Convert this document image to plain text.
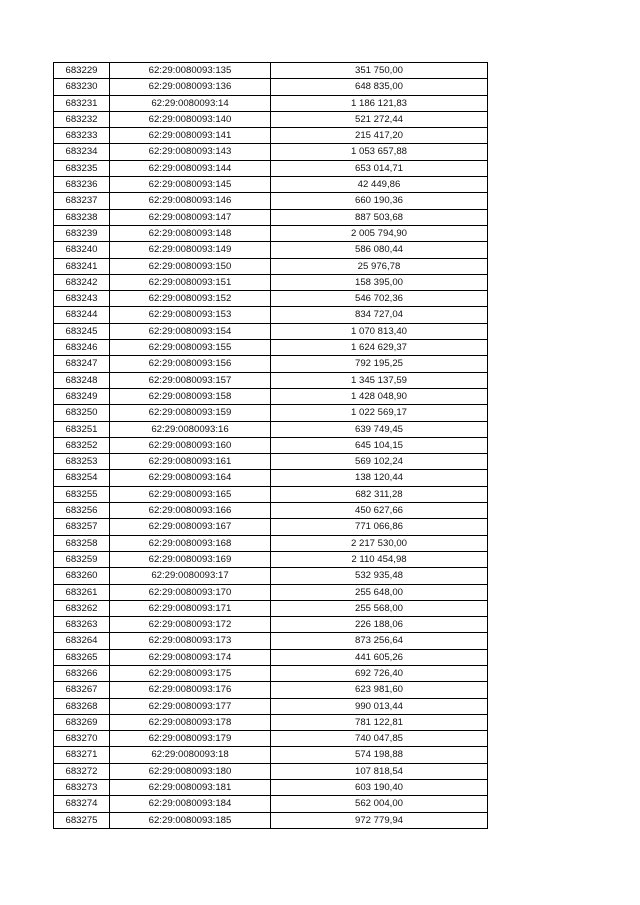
683229	62:29:0080093:135	351 750,00
683230	62:29:0080093:136	648 835,00
683231	62:29:0080093:14	1 186 121,83
683232	62:29:0080093:140	521 272,44
683233	62:29:0080093:141	215 417,20
683234	62:29:0080093:143	1 053 657,88
683235	62:29:0080093:144	653 014,71
683236	62:29:0080093:145	42 449,86
683237	62:29:0080093:146	660 190,36
683238	62:29:0080093:147	887 503,68
683239	62:29:0080093:148	2 005 794,90
683240	62:29:0080093:149	586 080,44
683241	62:29:0080093:150	25 976,78
683242	62:29:0080093:151	158 395,00
683243	62:29:0080093:152	546 702,36
683244	62:29:0080093:153	834 727,04
683245	62:29:0080093:154	1 070 813,40
683246	62:29:0080093:155	1 624 629,37
683247	62:29:0080093:156	792 195,25
683248	62:29:0080093:157	1 345 137,59
683249	62:29:0080093:158	1 428 048,90
683250	62:29:0080093:159	1 022 569,17
683251	62:29:0080093:16	639 749,45
683252	62:29:0080093:160	645 104,15
683253	62:29:0080093:161	569 102,24
683254	62:29:0080093:164	138 120,44
683255	62:29:0080093:165	682 311,28
683256	62:29:0080093:166	450 627,66
683257	62:29:0080093:167	771 066,86
683258	62:29:0080093:168	2 217 530,00
683259	62:29:0080093:169	2 110 454,98
683260	62:29:0080093:17	532 935,48
683261	62:29:0080093:170	255 648,00
683262	62:29:0080093:171	255 568,00
683263	62:29:0080093:172	226 188,06
683264	62:29:0080093:173	873 256,64
683265	62:29:0080093:174	441 605,26
683266	62:29:0080093:175	692 726,40
683267	62:29:0080093:176	623 981,60
683268	62:29:0080093:177	990 013,44
683269	62:29:0080093:178	781 122,81
683270	62:29:0080093:179	740 047,85
683271	62:29:0080093:18	574 198,88
683272	62:29:0080093:180	107 818,54
683273	62:29:0080093:181	603 190,40
683274	62:29:0080093:184	562 004,00
683275	62:29:0080093:185	972 779,94
